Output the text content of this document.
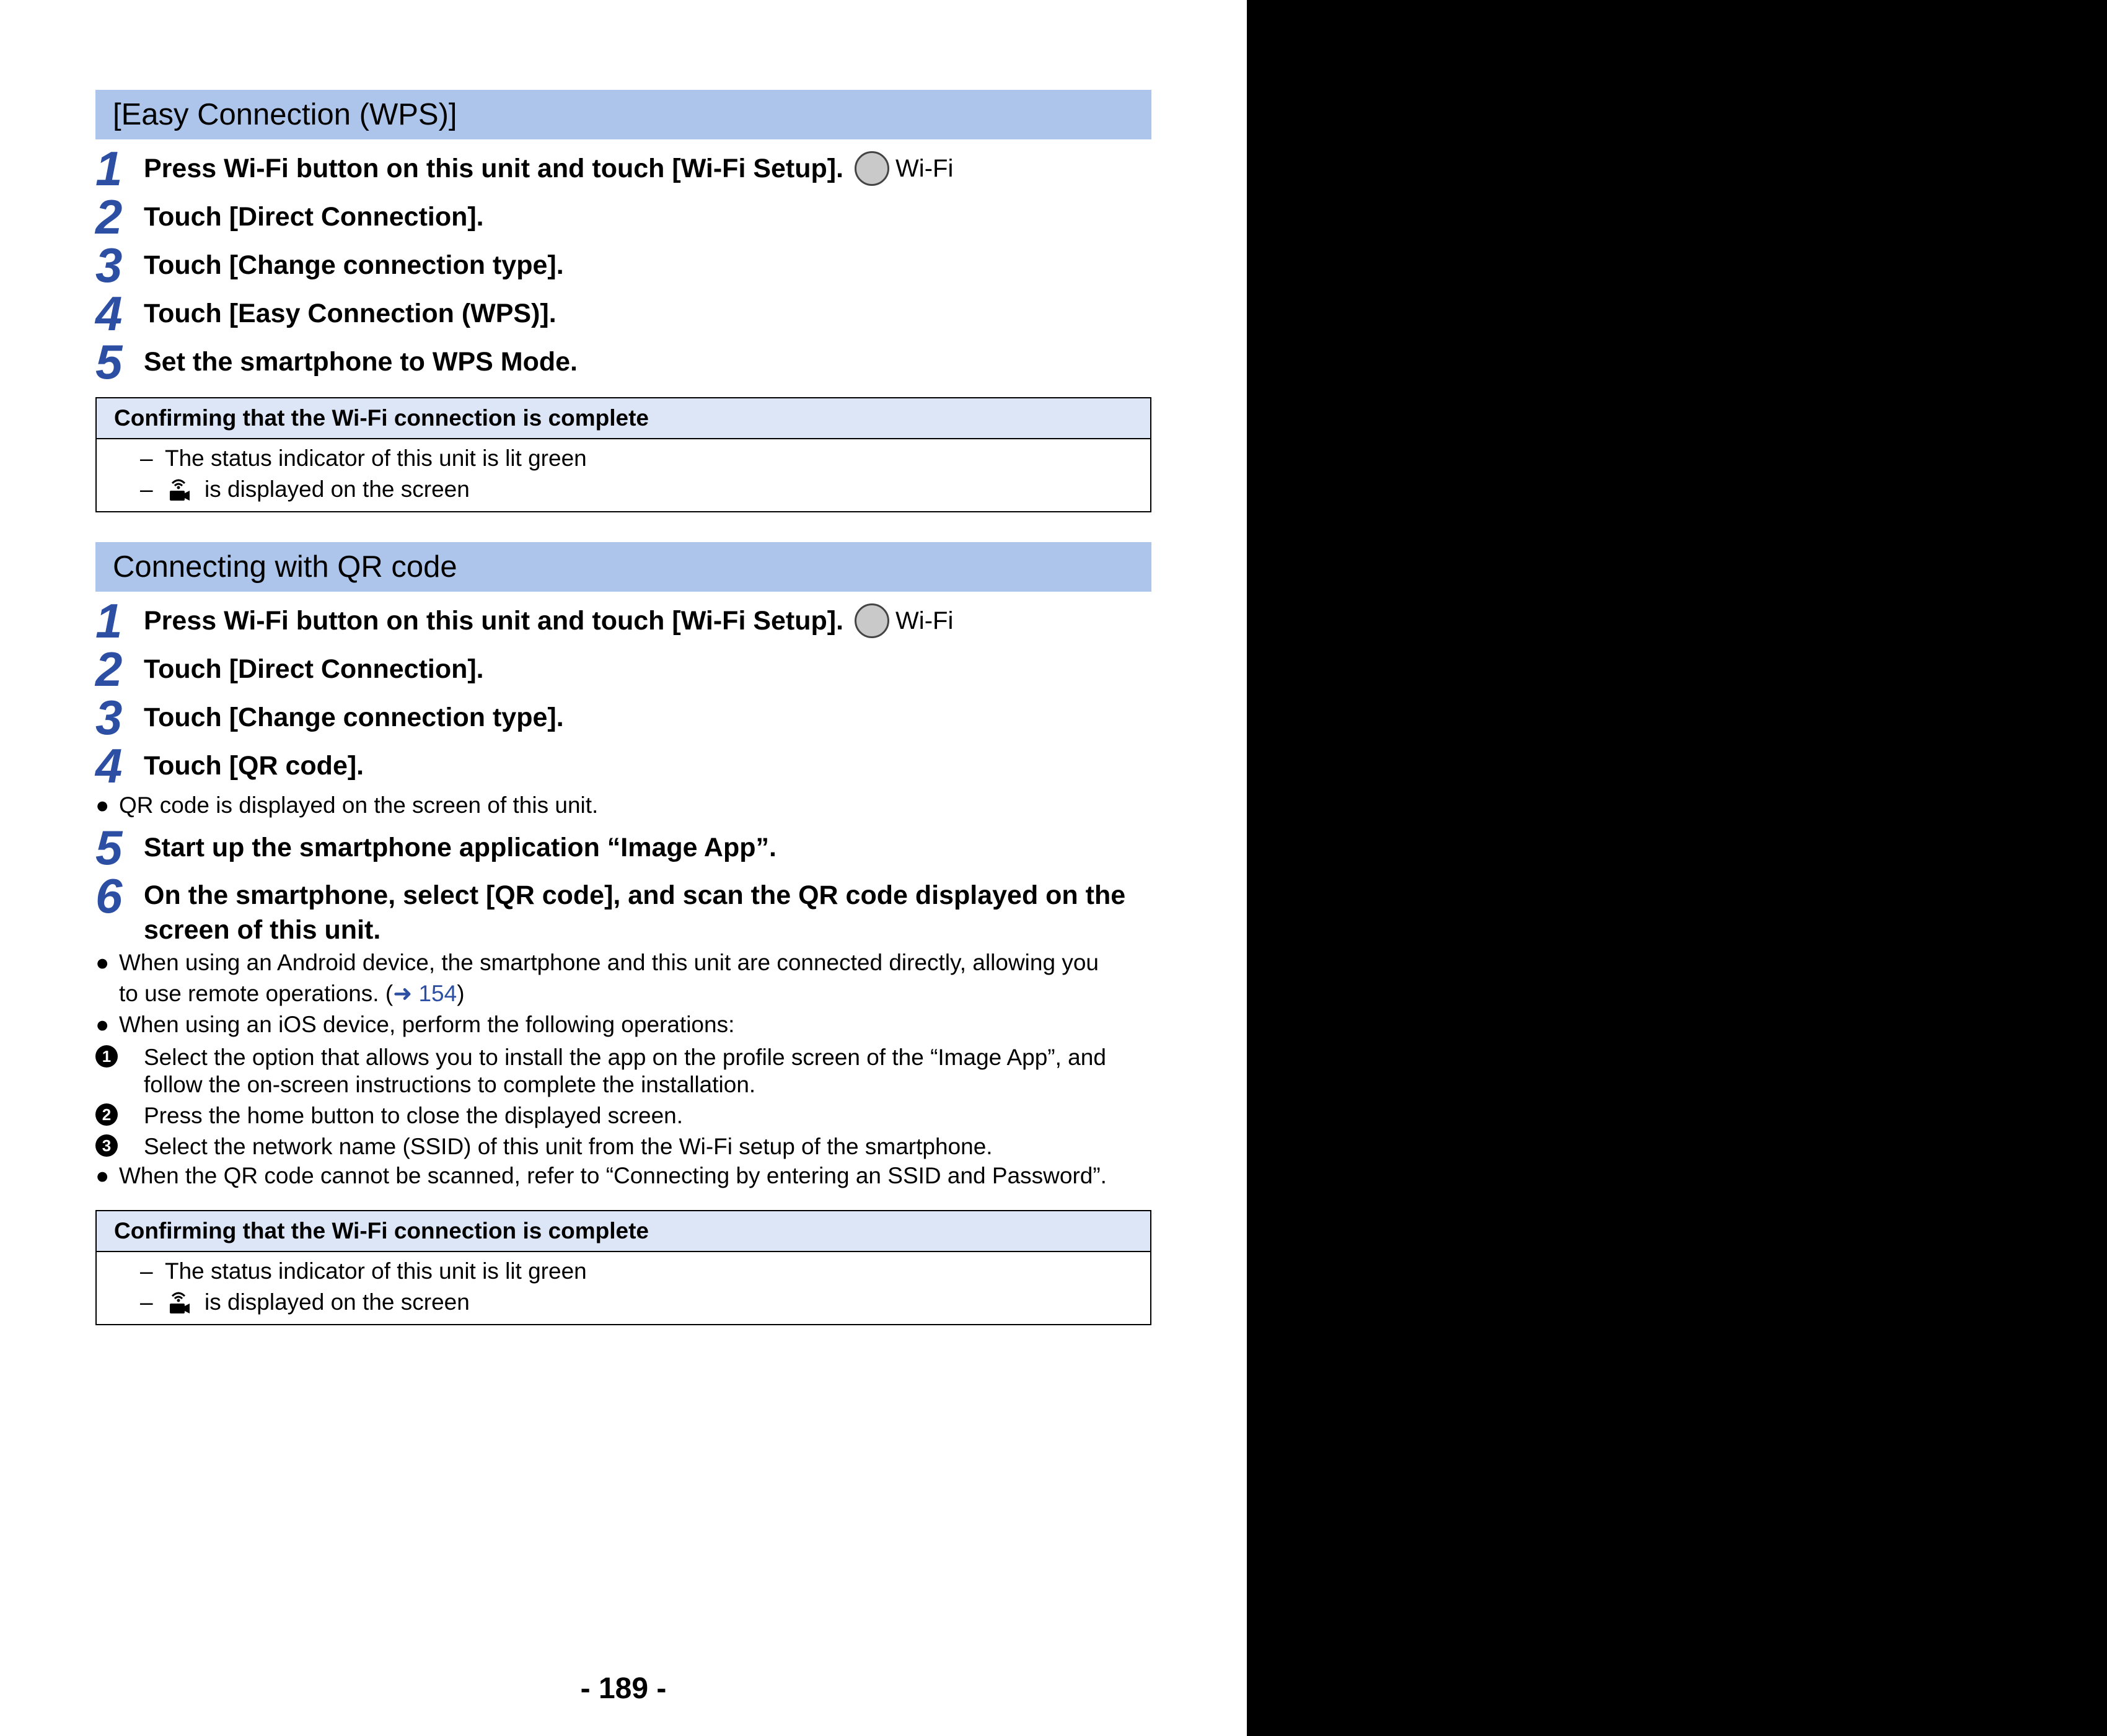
[Easy Connection (WPS)]
1 Press Wi-Fi button on this unit and touch [Wi-Fi Setup]. Wi-Fi
2 Touch [Direct Connection].
3 Touch [Change connection type].
4 Touch [Easy Connection (WPS)].
5 Set the smartphone to WPS Mode.
Confirming that the Wi-Fi connection is complete
– The status indicator of this unit is lit green
–	is displayed on the screen
Connecting with QR code
1 Press Wi-Fi button on this unit and touch [Wi-Fi Setup]. Wi-Fi
2 Touch [Direct Connection].
3 Touch [Change connection type].
4 Touch [QR code].
● QR code is displayed on the screen of this unit.
5 Start up the smartphone application “Image App”.
6 On the smartphone, select [QR code], and scan the QR code displayed on the
screen of this unit.
● When using an Android device, the smartphone and this unit are connected directly, allowing you
to use remote operations. (➜ 154)
● When using an iOS device, perform the following operations:
1 Select the option that allows you to install the app on the profile screen of the “Image App”, and
follow the on-screen instructions to complete the installation.
2 Press the home button to close the displayed screen.
3 Select the network name (SSID) of this unit from the Wi-Fi setup of the smartphone.
● When the QR code cannot be scanned, refer to “Connecting by entering an SSID and Password”.
Confirming that the Wi-Fi connection is complete
– The status indicator of this unit is lit green
–	is displayed on the screen
- 189 -
